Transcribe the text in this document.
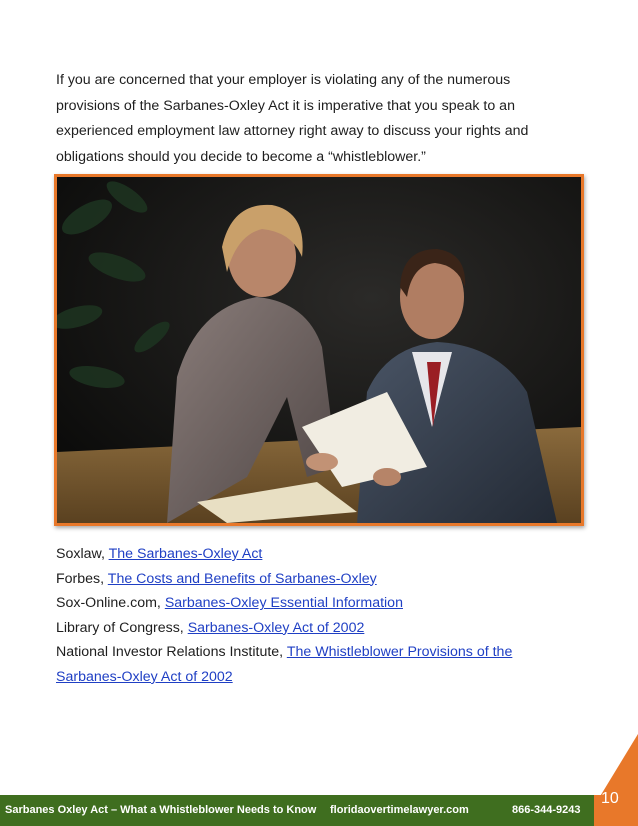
If you are concerned that your employer is violating any of the numerous
provisions of the Sarbanes-Oxley Act it is imperative that you speak to an
experienced employment law attorney right away to discuss your rights and
obligations should you decide to become a “whistleblower.”
Soxlaw, The Sarbanes-Oxley Act
Forbes, The Costs and Benefits of Sarbanes-Oxley
Sox-Online.com, Sarbanes-Oxley Essential Information
Library of Congress, Sarbanes-Oxley Act of 2002
National Investor Relations Institute, The Whistleblower Provisions of the
Sarbanes-Oxley Act of 2002
Sarbanes Oxley Act – What a Whistleblower Needs to Know floridaovertimelawyer.com	866-344-9243
10
